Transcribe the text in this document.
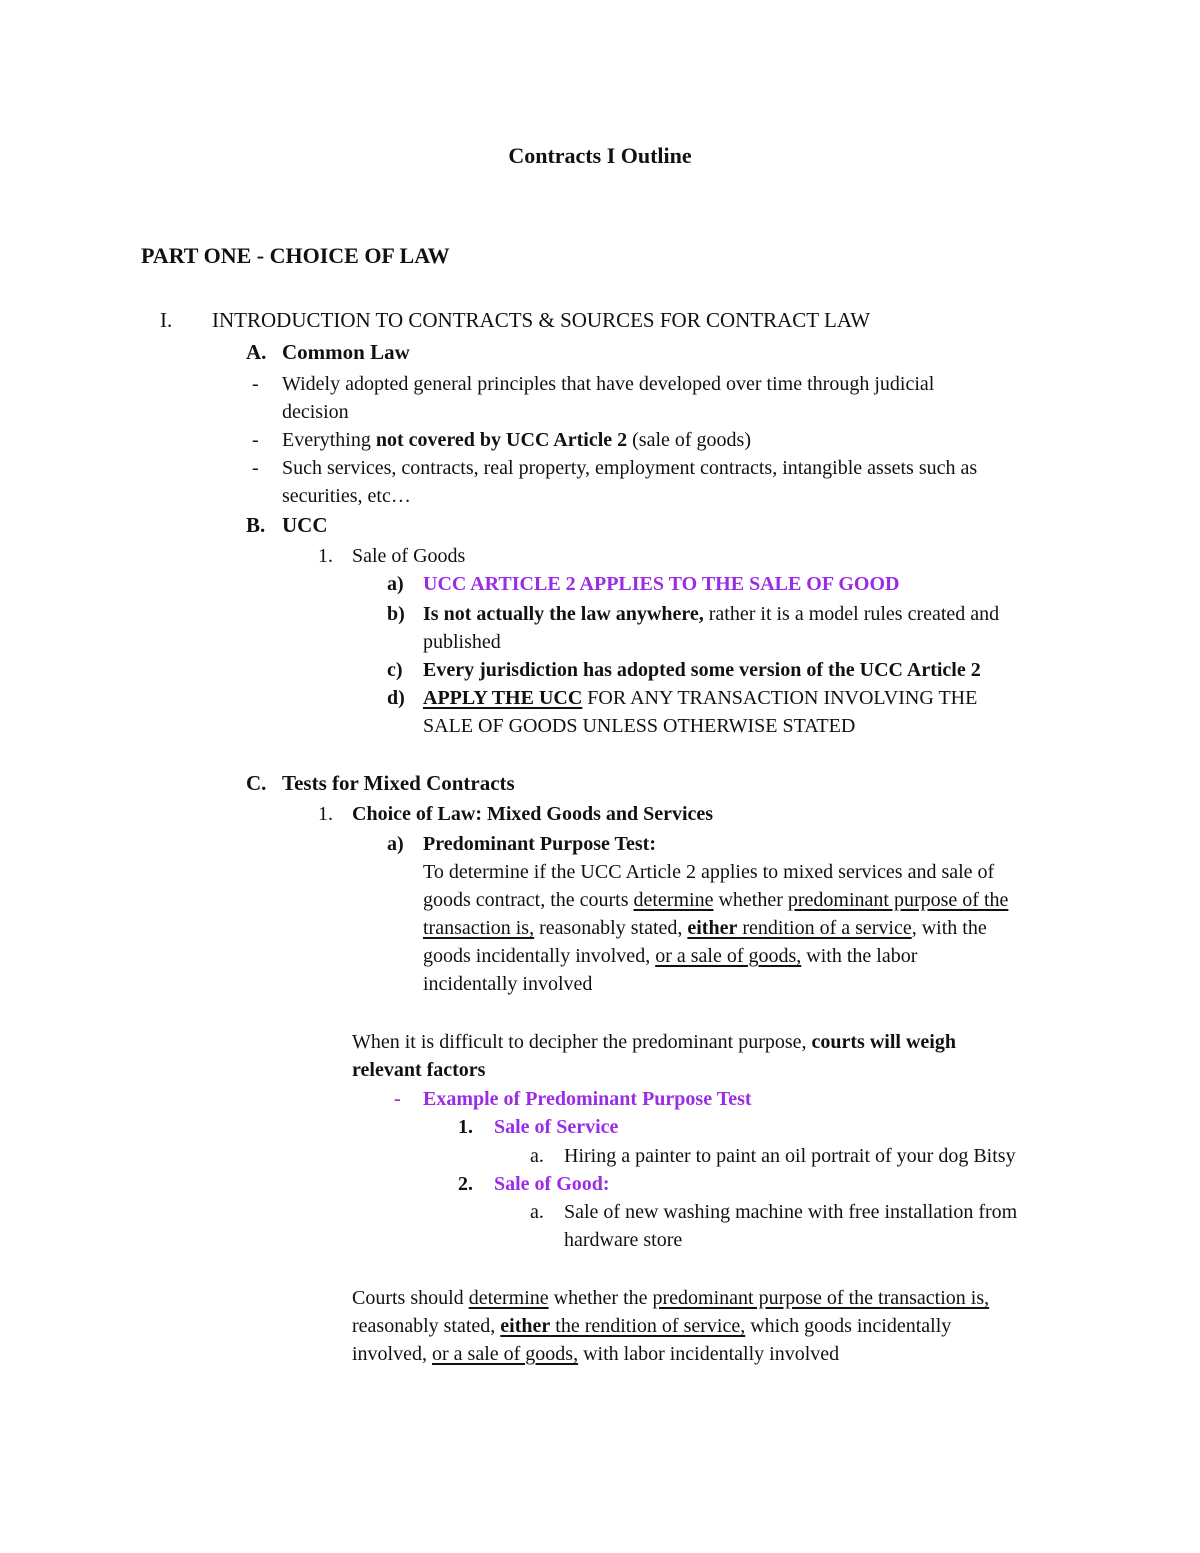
Contracts I Outline
PART ONE - CHOICE OF LAW
I. INTRODUCTION TO CONTRACTS & SOURCES FOR CONTRACT LAW
A. Common Law
- Widely adopted general principles that have developed over time through judicial
decision
- Everything not covered by UCC Article 2 (sale of goods)
- Such services, contracts, real property, employment contracts, intangible assets such as
securities, etc…
B. UCC
1. Sale of Goods
a) UCC ARTICLE 2 APPLIES TO THE SALE OF GOOD
b) Is not actually the law anywhere, rather it is a model rules created and
published
c) Every jurisdiction has adopted some version of the UCC Article 2
d) APPLY THE UCC FOR ANY TRANSACTION INVOLVING THE
SALE OF GOODS UNLESS OTHERWISE STATED
C. Tests for Mixed Contracts
1. Choice of Law: Mixed Goods and Services
a) Predominant Purpose Test:
To determine if the UCC Article 2 applies to mixed services and sale of
goods contract, the courts determine whether predominant purpose of the
transaction is, reasonably stated, either rendition of a service, with the
goods incidentally involved, or a sale of goods, with the labor
incidentally involved
When it is difficult to decipher the predominant purpose, courts will weigh
relevant factors
- Example of Predominant Purpose Test
1. Sale of Service
a. Hiring a painter to paint an oil portrait of your dog Bitsy
2. Sale of Good:
a. Sale of new washing machine with free installation from
hardware store
Courts should determine whether the predominant purpose of the transaction is,
reasonably stated, either the rendition of service, which goods incidentally
involved, or a sale of goods, with labor incidentally involved
